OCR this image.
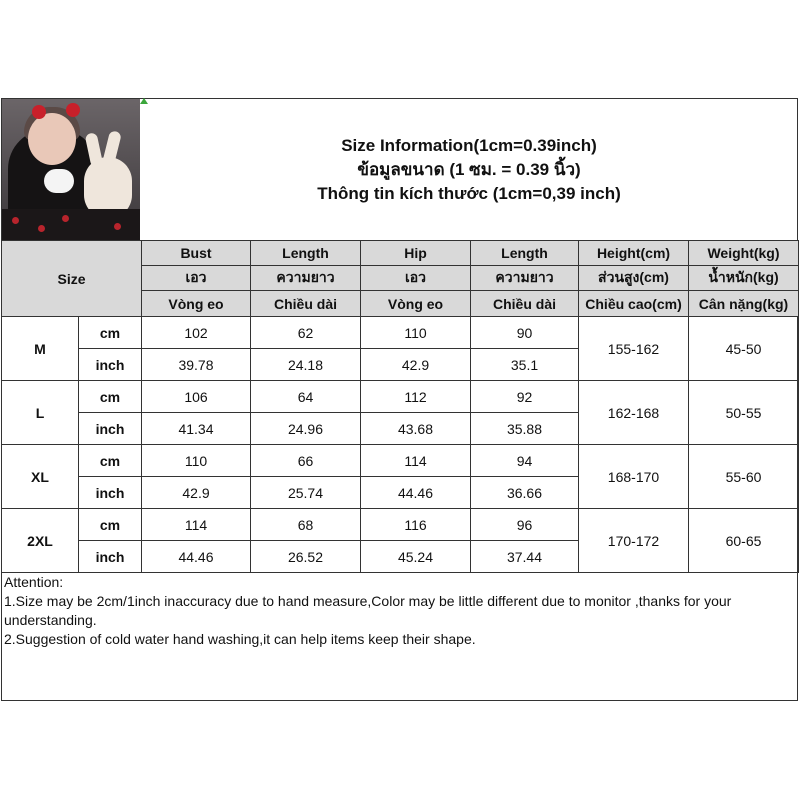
Size Information(1cm=0.39inch)
ข้อมูลขนาด (1 ซม. = 0.39 นิ้ว)
Thông tin kích thước (1cm=0,39 inch)
Size		Bust	Length	Hip	Length	Height(cm)	Weight(kg)
		เอว	ความยาว	เอว	ความยาว	ส่วนสูง(cm)	น้ำหนัก(kg)
		Vòng eo	Chiều dài	Vòng eo	Chiều dài	Chiều cao(cm)	Cân nặng(kg)
M	cm	102	62	110	90	155-162	45-50
	inch	39.78	24.18	42.9	35.1		
L	cm	106	64	112	92	162-168	50-55
	inch	41.34	24.96	43.68	35.88		
XL	cm	110	66	114	94	168-170	55-60
	inch	42.9	25.74	44.46	36.66		
2XL	cm	114	68	116	96	170-172	60-65
	inch	44.46	26.52	45.24	37.44		
Attention:
1.Size may be 2cm/1inch inaccuracy due to hand measure,Color may be little different due to monitor ,thanks for your understanding.
2.Suggestion of cold water hand washing,it can help items keep their shape.
